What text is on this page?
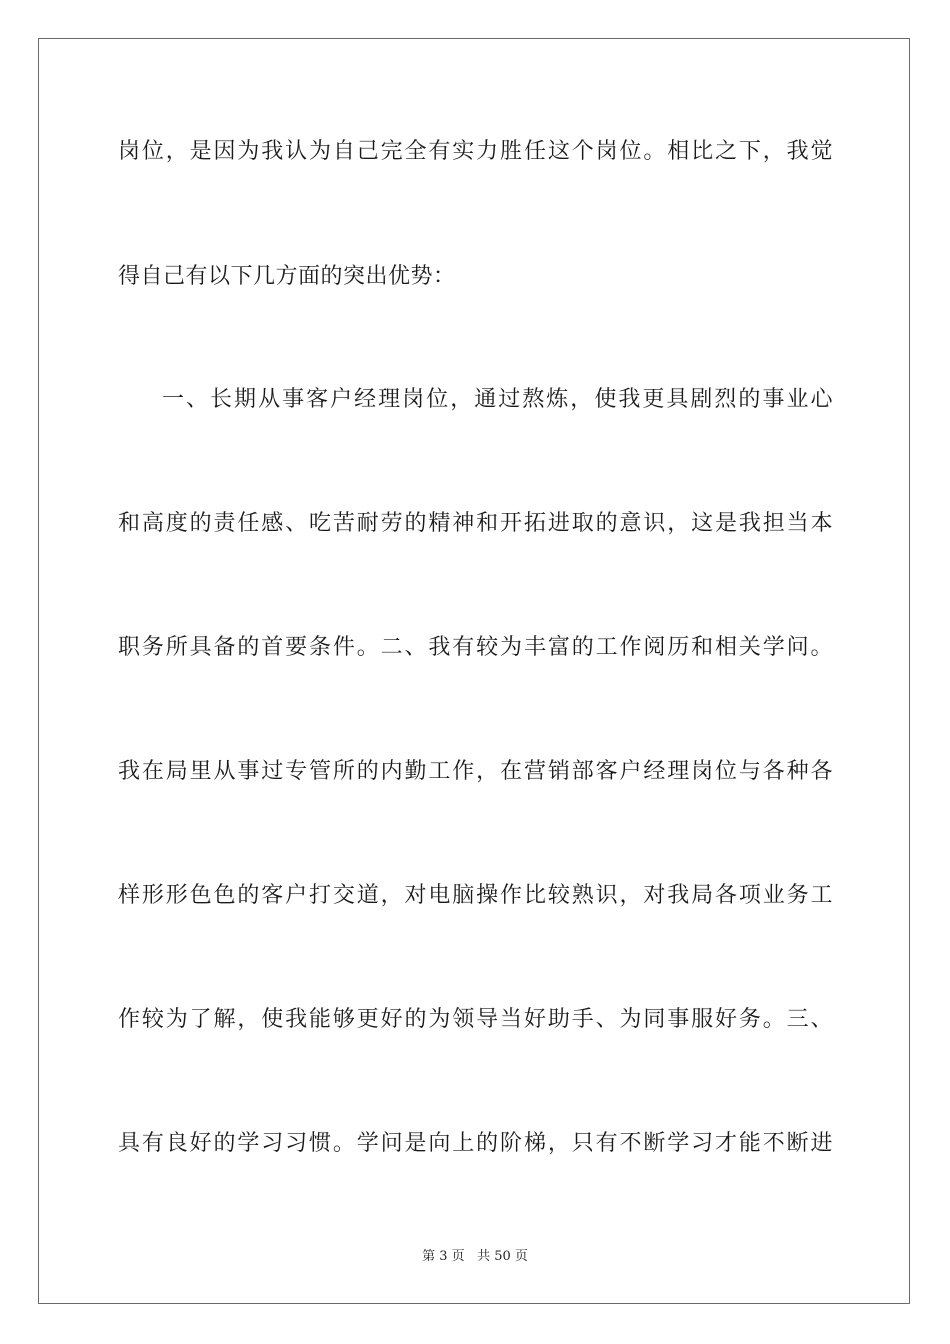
岗位，是因为我认为自己完全有实力胜任这个岗位。相比之下，我觉
得自己有以下几方面的突出优势：
一、长期从事客户经理岗位，通过熬炼，使我更具剧烈的事业心
和高度的责任感、吃苦耐劳的精神和开拓进取的意识，这是我担当本
职务所具备的首要条件。二、我有较为丰富的工作阅历和相关学问。
我在局里从事过专管所的内勤工作，在营销部客户经理岗位与各种各
样形形色色的客户打交道，对电脑操作比较熟识，对我局各项业务工
作较为了解，使我能够更好的为领导当好助手、为同事服好务。三、
具有良好的学习习惯。学问是向上的阶梯，只有不断学习才能不断进
第 3 页 共 50 页
